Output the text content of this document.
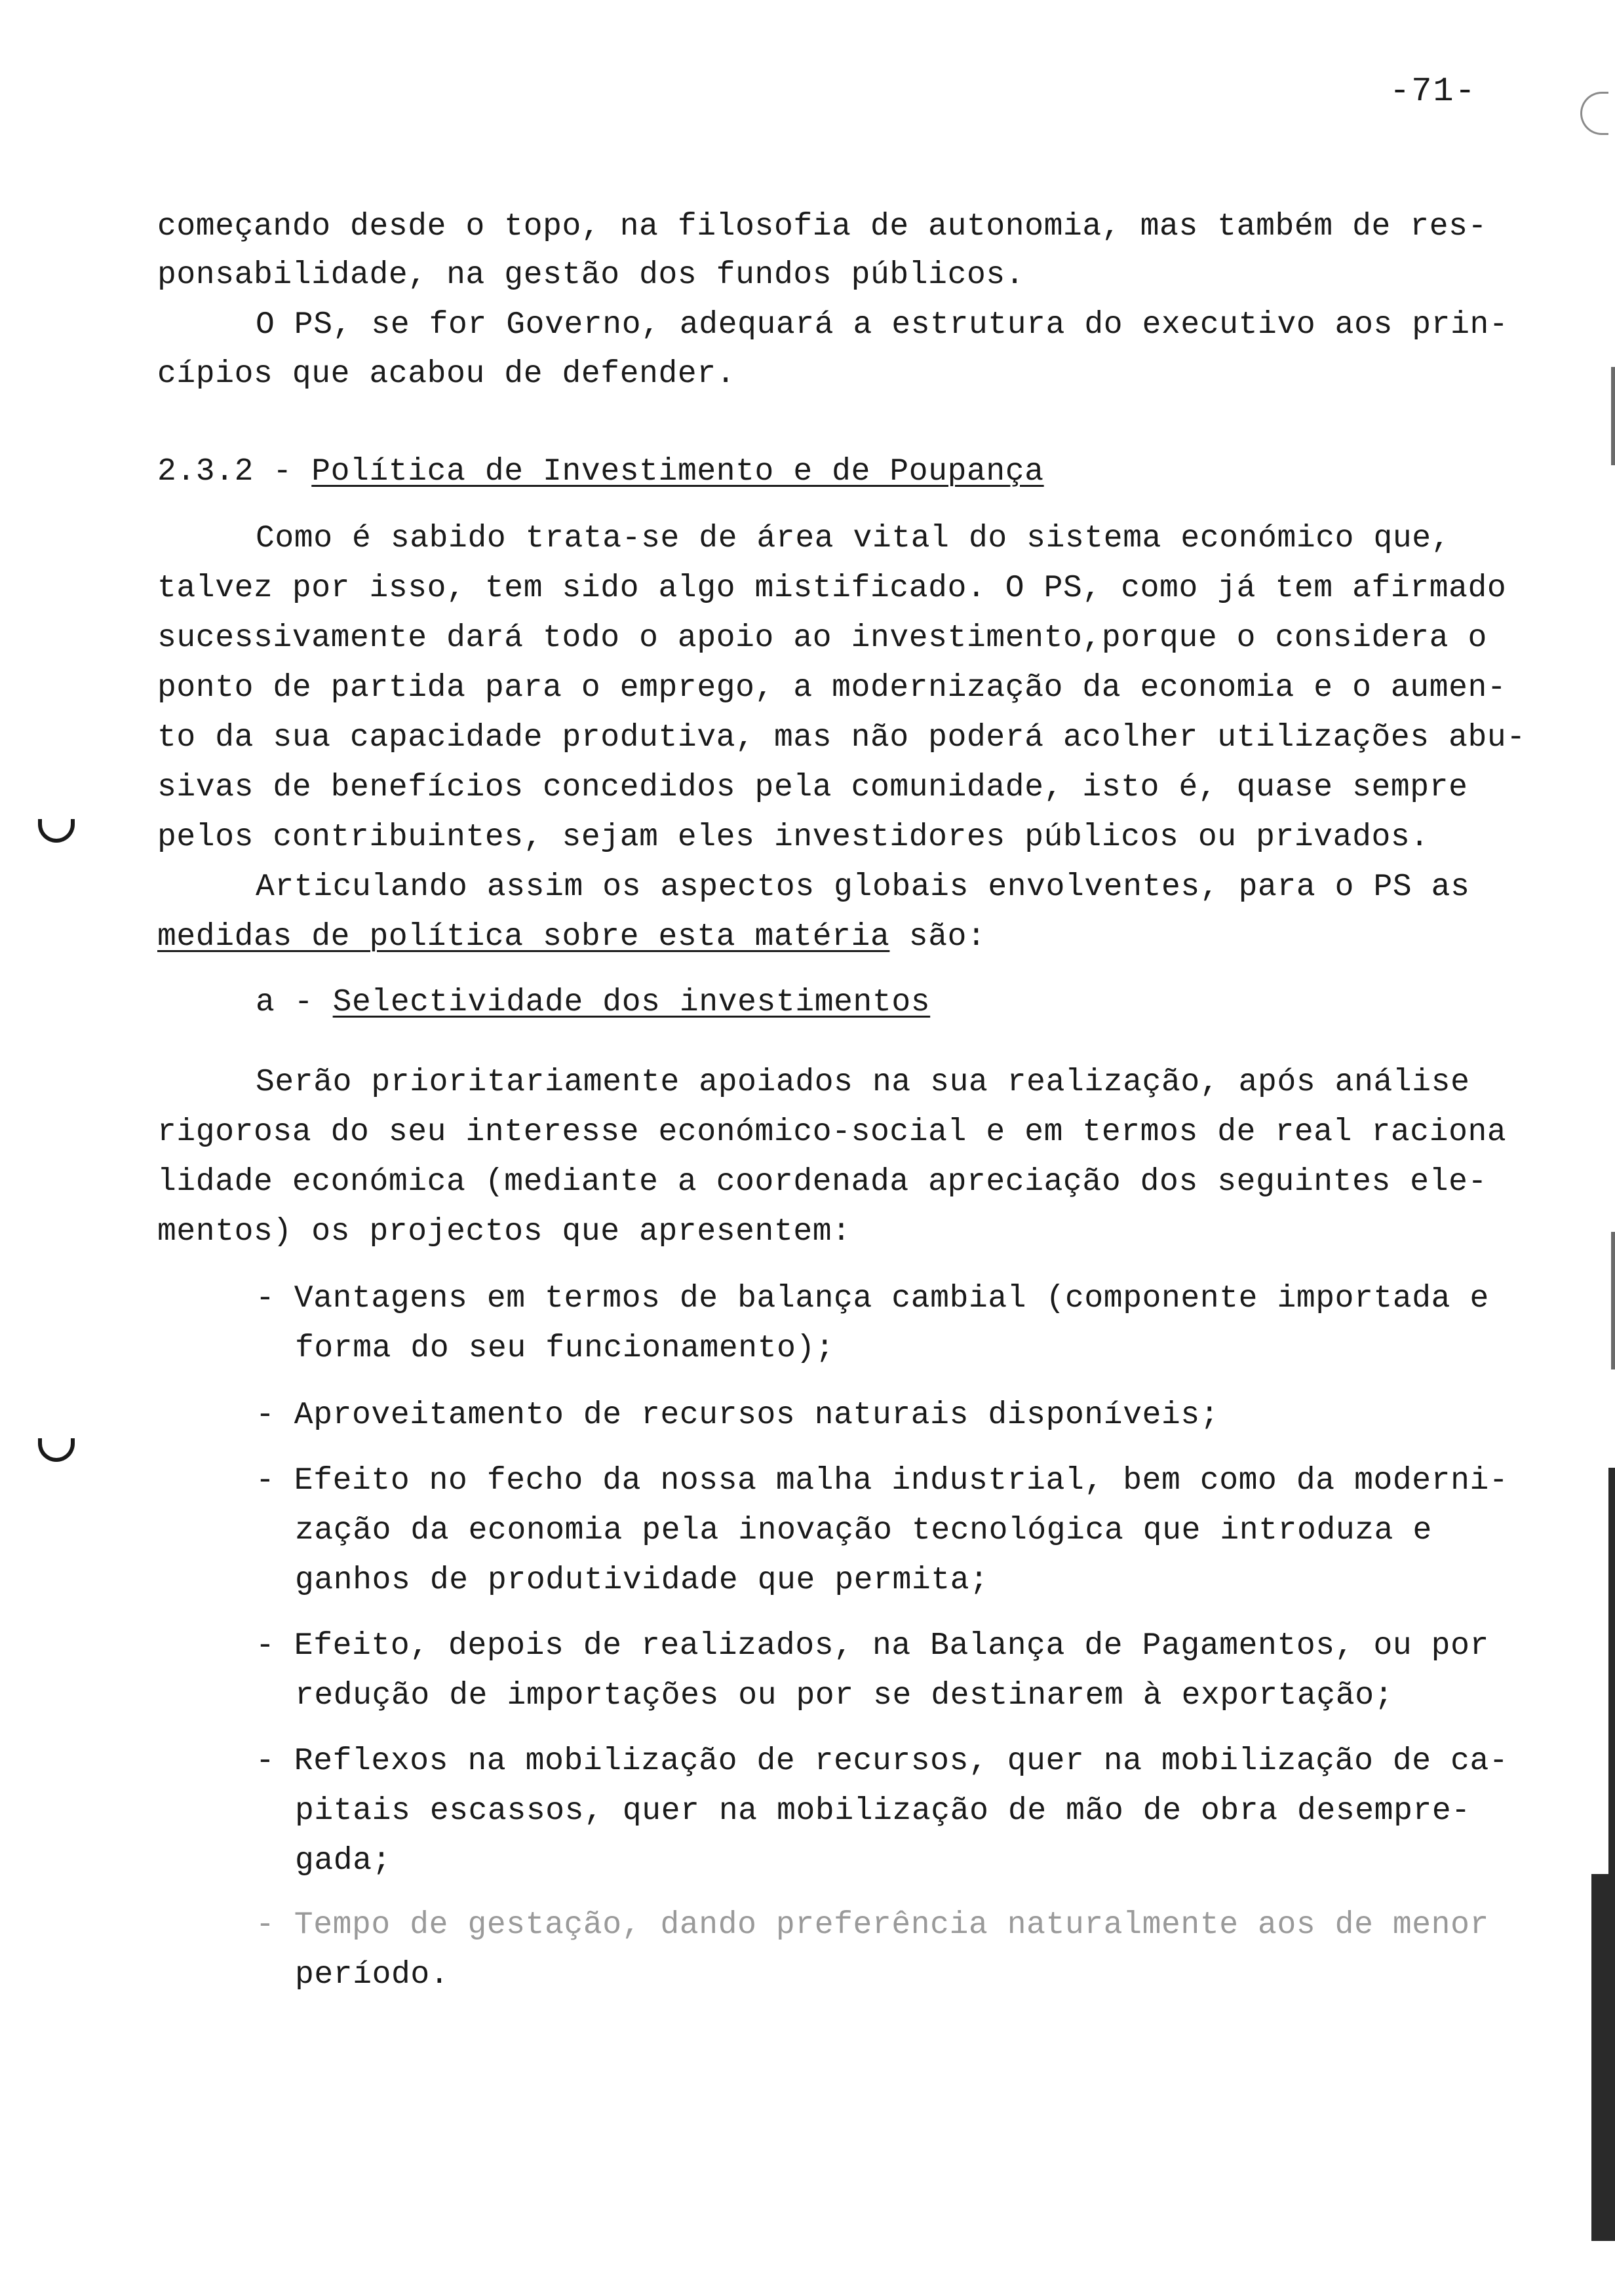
-71-
começando desde o topo, na filosofia de autonomia, mas também de res-
ponsabilidade, na gestão dos fundos públicos.
O PS, se for Governo, adequará a estrutura do executivo aos prin-
cípios que acabou de defender.
2.3.2 - Política de Investimento e de Poupança
Como é sabido trata-se de área vital do sistema económico que,
talvez por isso, tem sido algo mistificado. O PS, como já tem afirmado
sucessivamente dará todo o apoio ao investimento,porque o considera o
ponto de partida para o emprego, a modernização da economia e o aumen-
to da sua capacidade produtiva, mas não poderá acolher utilizações abu-
sivas de benefícios concedidos pela comunidade, isto é, quase sempre
pelos contribuintes, sejam eles investidores públicos ou privados.
Articulando assim os aspectos globais envolventes, para o PS as
medidas de política sobre esta matéria são:
a - Selectividade dos investimentos
Serão prioritariamente apoiados na sua realização, após análise
rigorosa do seu interesse económico-social e em termos de real raciona
lidade económica (mediante a coordenada apreciação dos seguintes ele-
mentos) os projectos que apresentem:
- Vantagens em termos de balança cambial (componente importada e
forma do seu funcionamento);
- Aproveitamento de recursos naturais disponíveis;
- Efeito no fecho da nossa malha industrial, bem como da moderni-
zação da economia pela inovação tecnológica que introduza e
ganhos de produtividade que permita;
- Efeito, depois de realizados, na Balança de Pagamentos, ou por
redução de importações ou por se destinarem à exportação;
- Reflexos na mobilização de recursos, quer na mobilização de ca-
pitais escassos, quer na mobilização de mão de obra desempre-
gada;
- Tempo de gestação, dando preferência naturalmente aos de menor
período.
